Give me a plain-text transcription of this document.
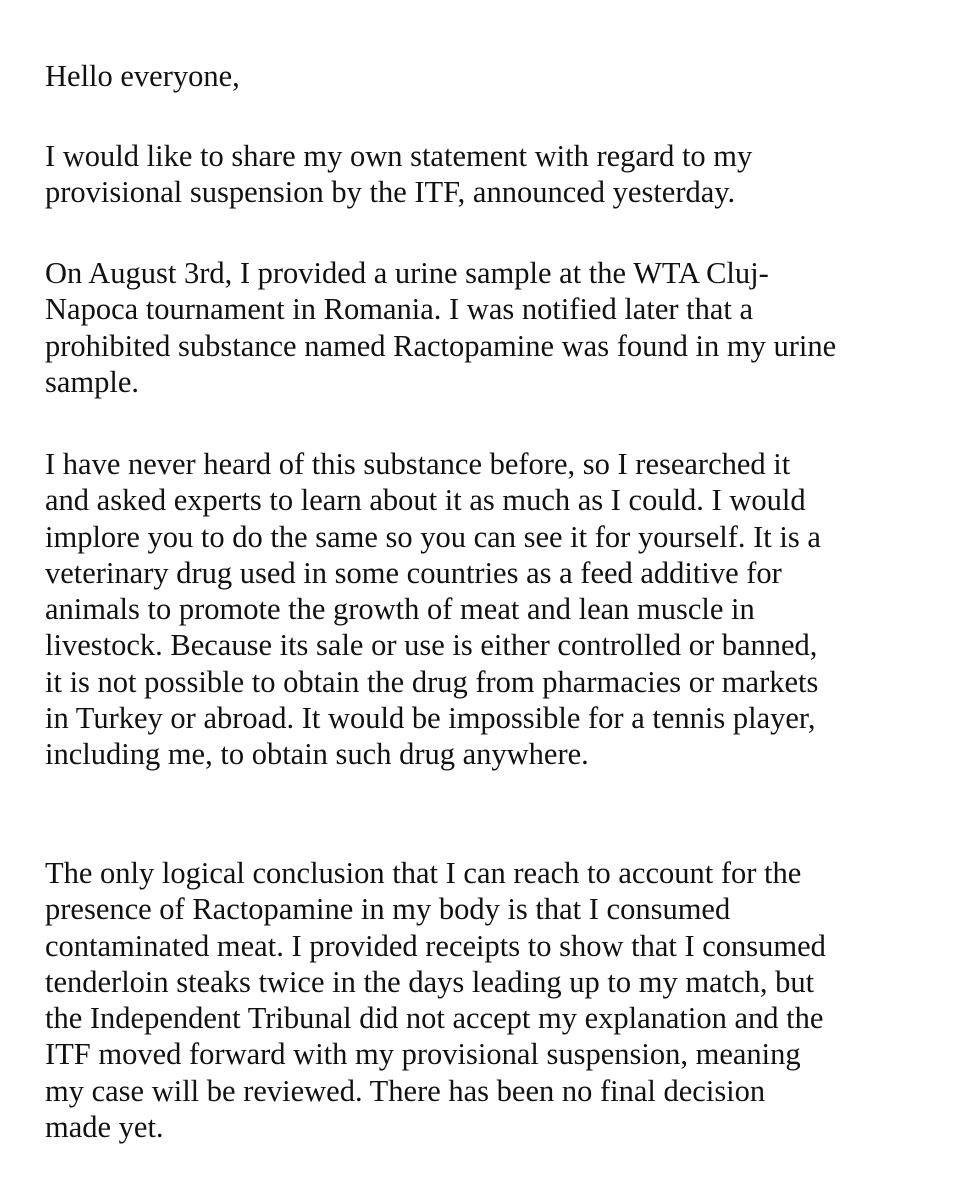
Hello everyone,
I would like to share my own statement with regard to my
provisional suspension by the ITF, announced yesterday.
On August 3rd, I provided a urine sample at the WTA Cluj-
Napoca tournament in Romania. I was notified later that a
prohibited substance named Ractopamine was found in my urine
sample.
I have never heard of this substance before, so I researched it
and asked experts to learn about it as much as I could. I would
implore you to do the same so you can see it for yourself. It is a
veterinary drug used in some countries as a feed additive for
animals to promote the growth of meat and lean muscle in
livestock. Because its sale or use is either controlled or banned,
it is not possible to obtain the drug from pharmacies or markets
in Turkey or abroad. It would be impossible for a tennis player,
including me, to obtain such drug anywhere.
The only logical conclusion that I can reach to account for the
presence of Ractopamine in my body is that I consumed
contaminated meat. I provided receipts to show that I consumed
tenderloin steaks twice in the days leading up to my match, but
the Independent Tribunal did not accept my explanation and the
ITF moved forward with my provisional suspension, meaning
my case will be reviewed. There has been no final decision
made yet.
